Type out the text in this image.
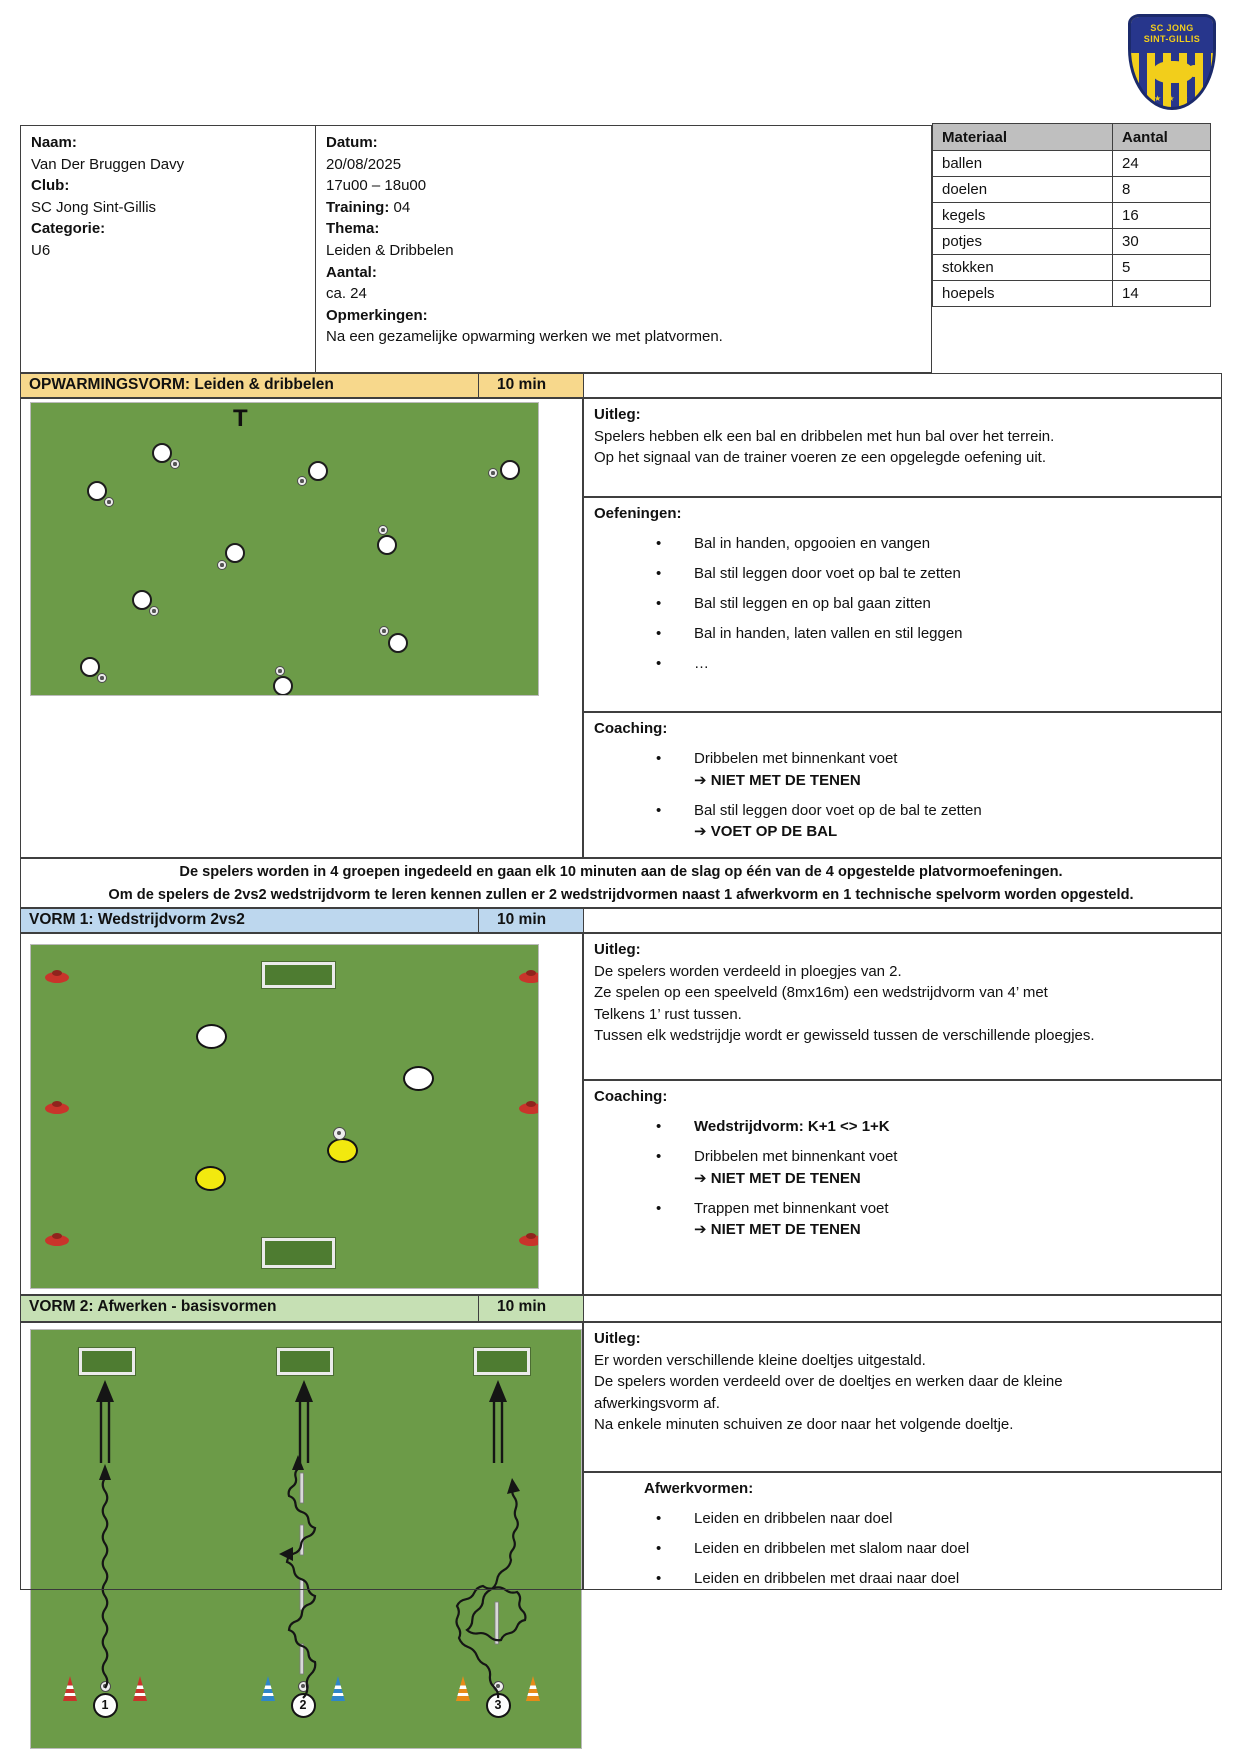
SC JONG
SINT-GILLIS
★ ★ ★
Naam:
Van Der Bruggen Davy
Club:
SC Jong Sint-Gillis
Categorie:
U6
Datum:
20/08/2025
17u00 – 18u00
Training: 04
Thema:
Leiden & Dribbelen
Aantal:
ca. 24
Opmerkingen:
Na een gezamelijke opwarming werken we met platvormen.
Materiaal	Aantal
ballen	24
doelen	8
kegels	16
potjes	30
stokken	5
hoepels	14
OPWARMINGSVORM: Leiden & dribbelen	10 min
VORM 1: Wedstrijdvorm 2vs2	10 min
VORM 2: Afwerken - basisvormen	10 min
Uitleg:
Spelers hebben elk een bal en dribbelen met hun bal over het terrein.
Op het signaal van de trainer voeren ze een opgelegde oefening uit.
Oefeningen:
• Bal in handen, opgooien en vangen
• Bal stil leggen door voet op bal te zetten
• Bal stil leggen en op bal gaan zitten
• Bal in handen, laten vallen en stil leggen
• …
Coaching:
• Dribbelen met binnenkant voet
➔ NIET MET DE TENEN
• Bal stil leggen door voet op de bal te zetten
➔ VOET OP DE BAL
Uitleg:
De spelers worden verdeeld in ploegjes van 2.
Ze spelen op een speelveld (8mx16m) een wedstrijdvorm van 4’ met
Telkens 1’ rust tussen.
Tussen elk wedstrijdje wordt er gewisseld tussen de verschillende ploegjes.
Coaching:
• Wedstrijdvorm: K+1 <> 1+K
• Dribbelen met binnenkant voet
➔ NIET MET DE TENEN
• Trappen met binnenkant voet
➔ NIET MET DE TENEN
Uitleg:
Er worden verschillende kleine doeltjes uitgestald.
De spelers worden verdeeld over de doeltjes en werken daar de kleine
afwerkingsvorm af.
Na enkele minuten schuiven ze door naar het volgende doeltje.
Afwerkvormen:
• Leiden en dribbelen naar doel
• Leiden en dribbelen met slalom naar doel
• Leiden en dribbelen met draai naar doel
De spelers worden in 4 groepen ingedeeld en gaan elk 10 minuten aan de slag op één van de 4 opgestelde platvormoefeningen.
Om de spelers de 2vs2 wedstrijdvorm te leren kennen zullen er 2 wedstrijdvormen naast 1 afwerkvorm en 1 technische spelvorm worden opgesteld.
T
1	2	3
